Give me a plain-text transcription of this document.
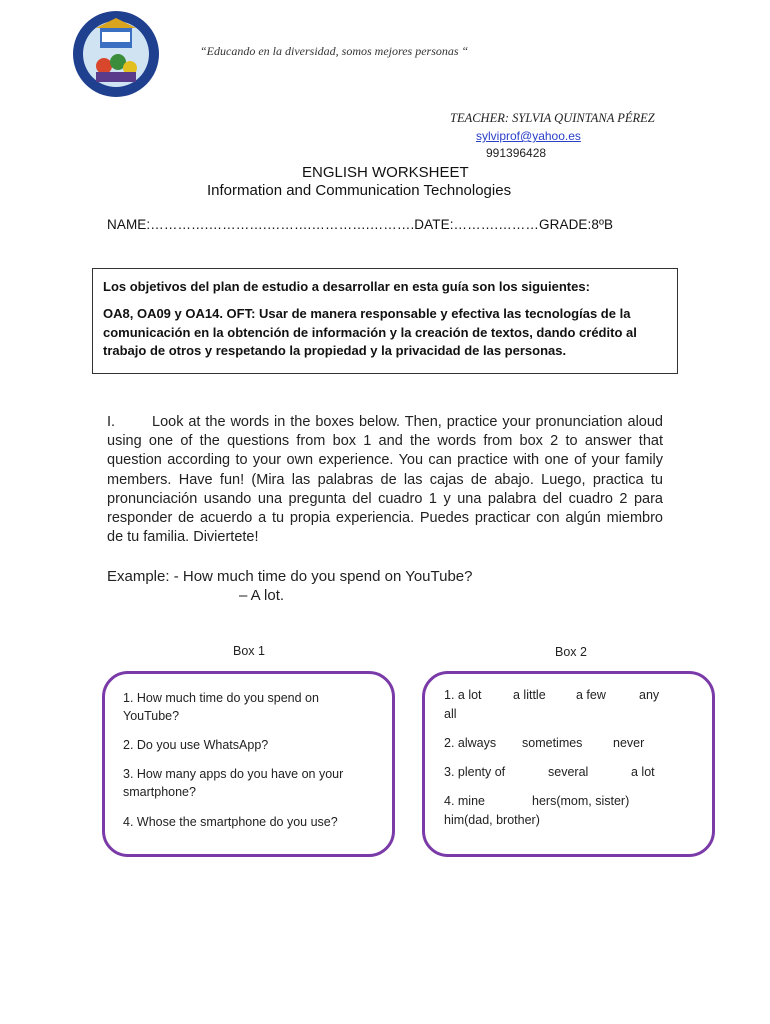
“Educando en la diversidad, somos mejores personas “
TEACHER: SYLVIA QUINTANA PÉREZ
sylviprof@yahoo.es
991396428
ENGLISH WORKSHEET
Information and Communication Technologies
NAME:………….………….……….………….……….DATE:……….………GRADE:8ºB
Los objetivos del plan de estudio a desarrollar en esta guía son los siguientes:
OA8, OA09 y OA14. OFT: Usar de manera responsable y efectiva las tecnologías de la comunicación en la obtención de información y la creación de textos, dando crédito al trabajo de otros y respetando la propiedad y la privacidad de las personas.
I.	Look at the words in the boxes below. Then, practice your pronunciation aloud using one of the questions from box 1 and the words from box 2 to answer that question according to your own experience. You can practice with one of your family members. Have fun! (Mira las palabras de las cajas de abajo. Luego, practica tu pronunciación usando una pregunta del cuadro 1 y una palabra del cuadro 2 para responder de acuerdo a tu propia experiencia. Puedes practicar con algún miembro de tu familia. Diviertete!
Example: - How much time do you spend on YouTube?
– A lot.
Box 1	Box 2
1. How much time do you spend on YouTube?
2. Do you use WhatsApp?
3. How many apps do you have on your smartphone?
4. Whose the smartphone do you use?
1. a lot	a little a few	any
all
2. always sometimes never
3. plenty of	several	a lot
4. mine	hers(mom, sister)
him(dad, brother)
